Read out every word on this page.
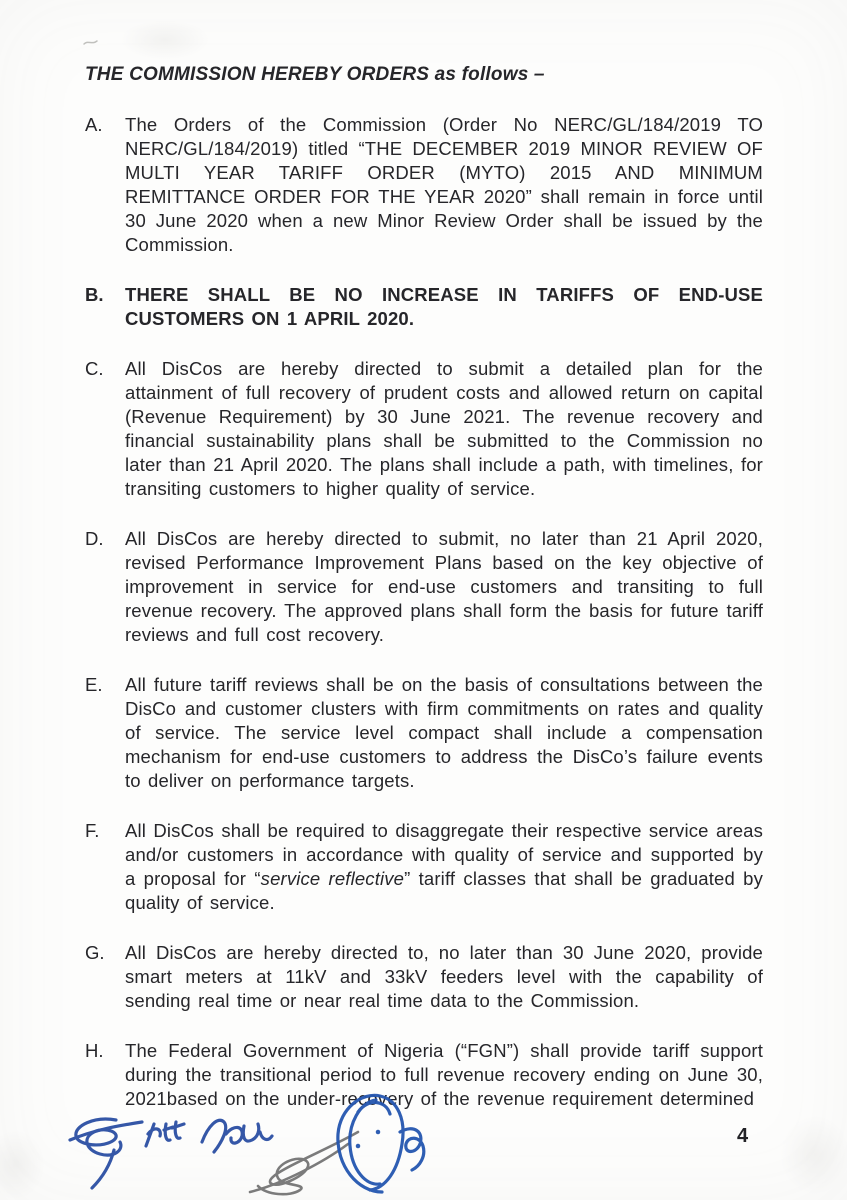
THE COMMISSION HEREBY ORDERS as follows –
A.	The Orders of the Commission (Order No NERC/GL/184/2019 TO NERC/GL/184/2019) titled “THE DECEMBER 2019 MINOR REVIEW OF MULTI YEAR TARIFF ORDER (MYTO) 2015 AND MINIMUM REMITTANCE ORDER FOR THE YEAR 2020” shall remain in force until 30 June 2020 when a new Minor Review Order shall be issued by the Commission.
B.	THERE SHALL BE NO INCREASE IN TARIFFS OF END-USE CUSTOMERS ON 1 APRIL 2020.
C.	All DisCos are hereby directed to submit a detailed plan for the attainment of full recovery of prudent costs and allowed return on capital (Revenue Requirement) by 30 June 2021. The revenue recovery and financial sustainability plans shall be submitted to the Commission no later than 21 April 2020. The plans shall include a path, with timelines, for transiting customers to higher quality of service.
D.	All DisCos are hereby directed to submit, no later than 21 April 2020, revised Performance Improvement Plans based on the key objective of improvement in service for end-use customers and transiting to full revenue recovery. The approved plans shall form the basis for future tariff reviews and full cost recovery.
E.	All future tariff reviews shall be on the basis of consultations between the DisCo and customer clusters with firm commitments on rates and quality of service. The service level compact shall include a compensation mechanism for end-use customers to address the DisCo’s failure events to deliver on performance targets.
F.	All DisCos shall be required to disaggregate their respective service areas and/or customers in accordance with quality of service and supported by a proposal for “service reflective” tariff classes that shall be graduated by quality of service.
G.	All DisCos are hereby directed to, no later than 30 June 2020, provide smart meters at 11kV and 33kV feeders level with the capability of sending real time or near real time data to the Commission.
H.	The Federal Government of Nigeria (“FGN”) shall provide tariff support during the transitional period to full revenue recovery ending on June 30, 2021based on the under-recovery of the revenue requirement determined
4
